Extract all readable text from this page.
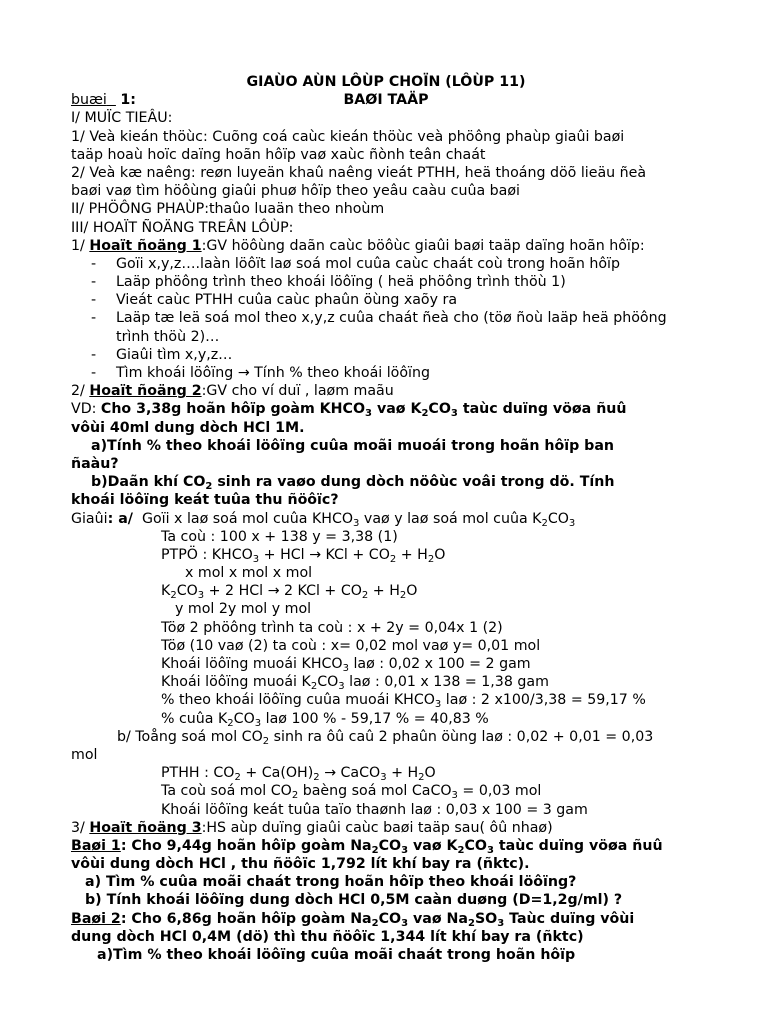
GIAÙO AÙN LÔÙP CHOÏN (LÔÙP 11)
buæi 1:	BAØI TAÄP
I/ MUÏC TIEÂU:
1/ Veà kieán thöùc: Cuõng coá caùc kieán thöùc veà phöông phaùp giaûi baøi
taäp hoaù hoïc daïng hoãn hôïp vaø xaùc ñònh teân chaát
2/ Veà kæ naêng: reøn luyeän khaû naêng vieát PTHH, heä thoáng döõ lieäu ñeà
baøi vaø tìm höôùng giaûi phuø hôïp theo yeâu caàu cuûa baøi
II/ PHÖÔNG PHAÙP:thaûo luaän theo nhoùm
III/ HOAÏT ÑOÄNG TREÂN LÔÙP:
1/ Hoaït ñoäng 1:GV höôùng daãn caùc böôùc giaûi baøi taäp daïng hoãn hôïp:
- Goïi x,y,z….laàn löôït laø soá mol cuûa caùc chaát coù trong hoãn hôïp
- Laäp phöông trình theo khoái löôïng ( heä phöông trình thöù 1)
- Vieát caùc PTHH cuûa caùc phaûn öùng xaõy ra
- Laäp tæ leä soá mol theo x,y,z cuûa chaát ñeà cho (töø ñoù laäp heä phöông trình thöù 2)…
- Giaûi tìm x,y,z…
- Tìm khoái löôïng → Tính % theo khoái löôïng
2/ Hoaït ñoäng 2:GV cho ví duï , laøm maãu
VD: Cho 3,38g hoãn hôïp goàm $KHCO_3$ vaø $K_2CO_3$ taùc duïng vöøa ñuû
vôùi 40ml dung dòch HCl 1M.
a)Tính % theo khoái löôïng cuûa moãi muoái trong hoãn hôïp ban
ñaàu?
b)Daãn khí $CO_2$ sinh ra vaøo dung dòch nöôùc voâi trong dö. Tính
khoái löôïng keát tuûa thu ñöôïc?
Giaûi: a/ Goïi x laø soá mol cuûa $KHCO_3$ vaø y laø soá mol cuûa $K_2CO_3$
Ta coù : 100 x + 138 y = 3,38 (1)
PTPÖ : $KHCO_3$ + HCl → KCl + $CO_2 + H_2O$
x mol x mol x mol
$K_2CO_3 + 2$ HCl → 2 KCl + $CO_2 + H_2O$
y mol 2y mol y mol
Töø 2 phöông trình ta coù : x + 2y = 0,04x 1 (2)
Töø (10 vaø (2) ta coù : x= 0,02 mol vaø y= 0,01 mol
Khoái löôïng muoái $KHCO_3$ laø : 0,02 x 100 = 2 gam
Khoái löôïng muoái $K_2CO_3$ laø : 0,01 x 138 = 1,38 gam
% theo khoái löôïng cuûa muoái $KHCO_3$ laø : 2 x100/3,38 = 59,17 %
% cuûa $K_2CO_3$ laø 100 % - 59,17 % = 40,83 %
b/ Toång soá mol $CO_2$ sinh ra ôû caû 2 phaûn öùng laø : 0,02 + 0,01 = 0,03
mol
PTHH : $CO_2 + Ca(OH)_2$ → CaCO$_3$ + $H_2O$
Ta coù soá mol $CO_2$ baèng soá mol CaCO$_3$ = 0,03 mol
Khoái löôïng keát tuûa taïo thaønh laø : 0,03 x 100 = 3 gam
3/ Hoaït ñoäng 3:HS aùp duïng giaûi caùc baøi taäp sau( ôû nhaø)
Baøi 1: Cho 9,44g hoãn hôïp goàm $Na_2CO_3$ vaø $K_2CO_3$ taùc duïng vöøa ñuû
vôùi dung dòch HCl , thu ñöôïc 1,792 lít khí bay ra (ñktc).
a) Tìm % cuûa moãi chaát trong hoãn hôïp theo khoái löôïng?
b) Tính khoái löôïng dung dòch HCl 0,5M caàn duøng (D=1,2g/ml) ?
Baøi 2: Cho 6,86g hoãn hôïp goàm $Na_2CO_3$ vaø $Na_2SO_3$ Taùc duïng vôùi
dung dòch HCl 0,4M (dö) thì thu ñöôïc 1,344 lít khí bay ra (ñktc)
a)Tìm % theo khoái löôïng cuûa moãi chaát trong hoãn hôïp
